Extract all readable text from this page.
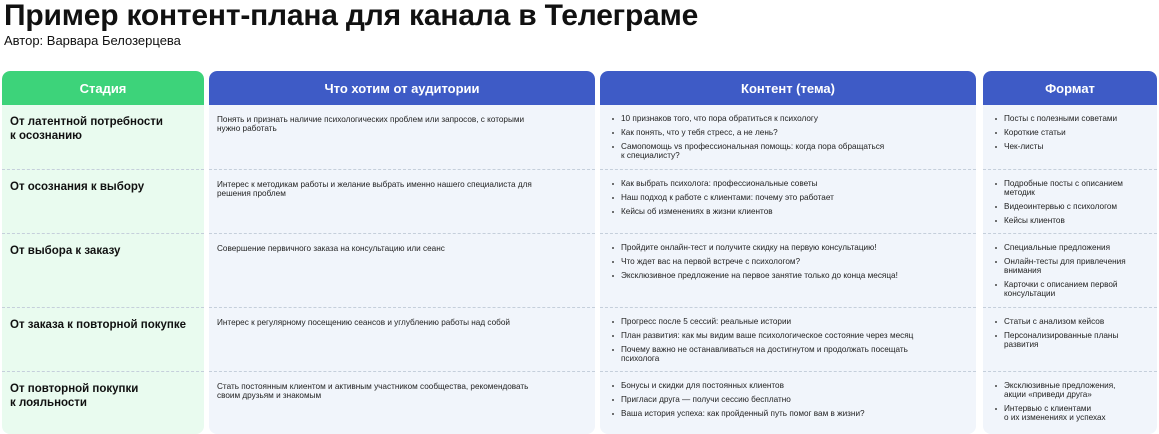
Пример контент-плана для канала в Телеграме
Автор: Варвара Белозерцева
Стадия
От латентной потребности
к осознанию
От осознания к выбору
От выбора к заказу
От заказа к повторной покупке
От повторной покупки
к лояльности
Что хотим от аудитории
Понять и признать наличие психологических проблем или запросов, с которыми
нужно работать
Интерес к методикам работы и желание выбрать именно нашего специалиста для
решения проблем
Совершение первичного заказа на консультацию или сеанс
Интерес к регулярному посещению сеансов и углублению работы над собой
Стать постоянным клиентом и активным участником сообщества, рекомендовать
своим друзьям и знакомым
Контент (тема)
10 признаков того, что пора обратиться к психологу
Как понять, что у тебя стресс, а не лень?
Самопомощь vs профессиональная помощь: когда пора обращаться
к специалисту?
Как выбрать психолога: профессиональные советы
Наш подход к работе с клиентами: почему это работает
Кейсы об изменениях в жизни клиентов
Пройдите онлайн-тест и получите скидку на первую консультацию!
Что ждет вас на первой встрече с психологом?
Эксклюзивное предложение на первое занятие только до конца месяца!
Прогресс после 5 сессий: реальные истории
План развития: как мы видим ваше психологическое состояние через месяц
Почему важно не останавливаться на достигнутом и продолжать посещать
психолога
Бонусы и скидки для постоянных клиентов
Пригласи друга — получи сессию бесплатно
Ваша история успеха: как пройденный путь помог вам в жизни?
Формат
Посты с полезными советами
Короткие статьи
Чек-листы
Подробные посты с описанием
методик
Видеоинтервью с психологом
Кейсы клиентов
Специальные предложения
Онлайн-тесты для привлечения
внимания
Карточки с описанием первой
консультации
Статьи с анализом кейсов
Персонализированные планы
развития
Эксклюзивные предложения,
акции «приведи друга»
Интервью с клиентами
о их изменениях и успехах
